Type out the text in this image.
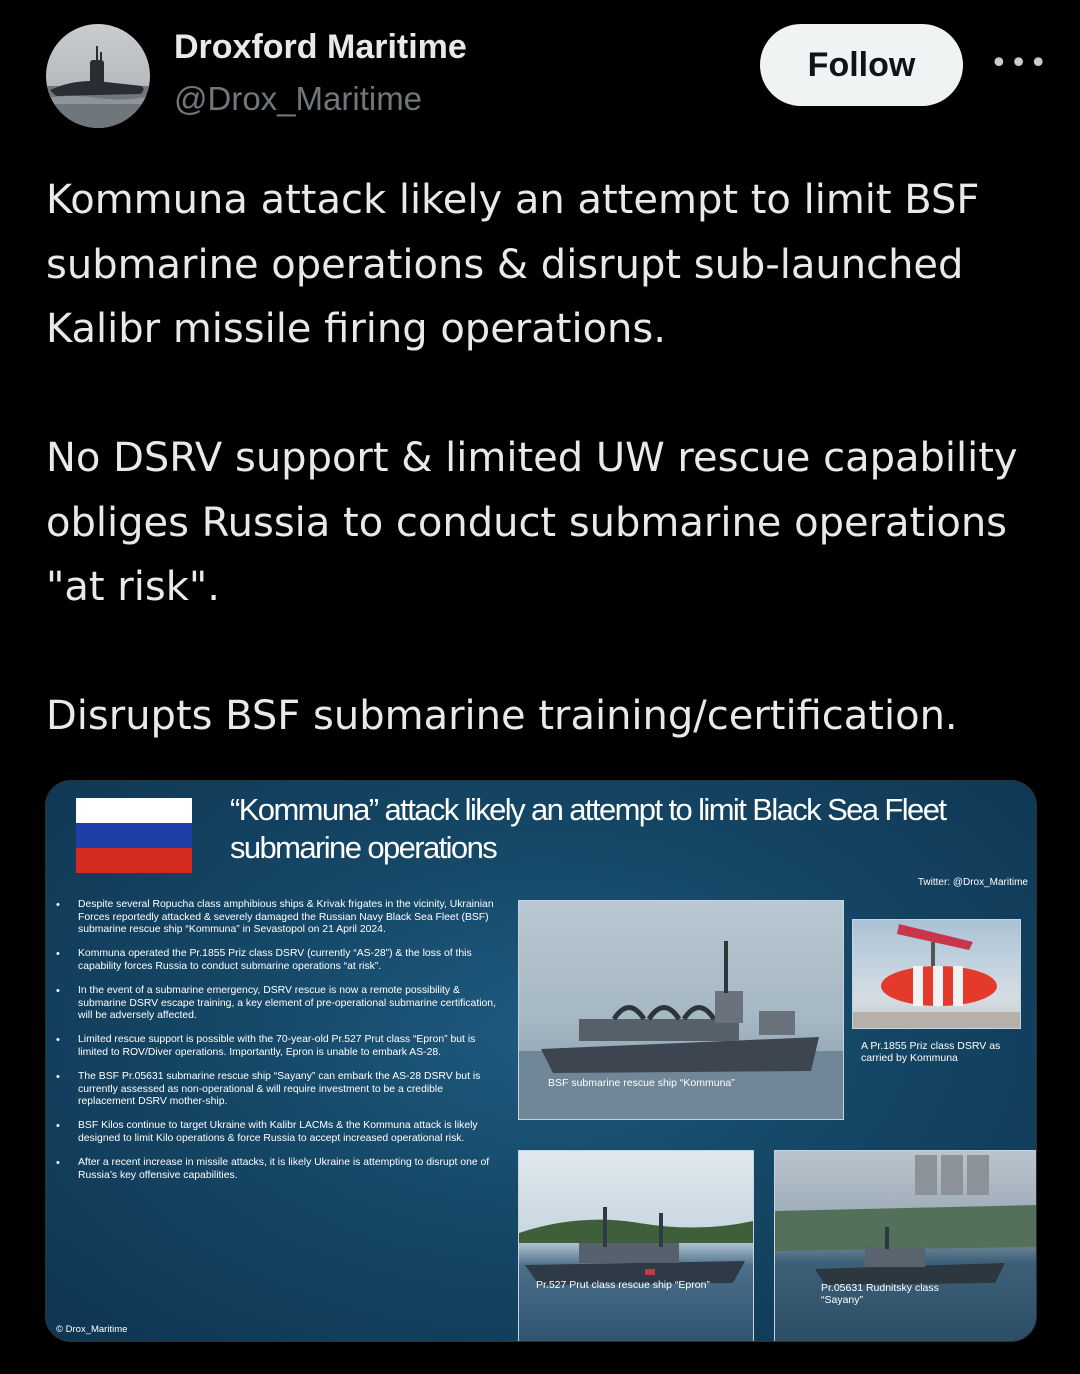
Droxford Maritime
@Drox_Maritime
Follow	•••

Kommuna attack likely an attempt to limit BSF submarine operations & disrupt sub-launched Kalibr missile firing operations.

No DSRV support & limited UW rescue capability obliges Russia to conduct submarine operations "at risk".

Disrupts BSF submarine training/certification.

“Kommuna” attack likely an attempt to limit Black Sea Fleet submarine operations
Twitter: @Drox_Maritime
• Despite several Ropucha class amphibious ships & Krivak frigates in the vicinity, Ukrainian Forces reportedly attacked & severely damaged the Russian Navy Black Sea Fleet (BSF) submarine rescue ship “Kommuna” in Sevastopol on 21 April 2024.
• Kommuna operated the Pr.1855 Priz class DSRV (currently “AS-28”) & the loss of this capability forces Russia to conduct submarine operations “at risk”.
• In the event of a submarine emergency, DSRV rescue is now a remote possibility & submarine DSRV escape training, a key element of pre-operational submarine certification, will be adversely affected.
• Limited rescue support is possible with the 70-year-old Pr.527 Prut class “Epron” but is limited to ROV/Diver operations. Importantly, Epron is unable to embark AS-28.
• The BSF Pr.05631 submarine rescue ship “Sayany” can embark the AS-28 DSRV but is currently assessed as non-operational & will require investment to be a credible replacement DSRV mother-ship.
• BSF Kilos continue to target Ukraine with Kalibr LACMs & the Kommuna attack is likely designed to limit Kilo operations & force Russia to accept increased operational risk.
• After a recent increase in missile attacks, it is likely Ukraine is attempting to disrupt one of Russia’s key offensive capabilities.
BSF submarine rescue ship “Kommuna”
A Pr.1855 Priz class DSRV as carried by Kommuna
Pr.527 Prut class rescue ship “Epron”	Pr.05631 Rudnitsky class “Sayany”
© Drox_Maritime
